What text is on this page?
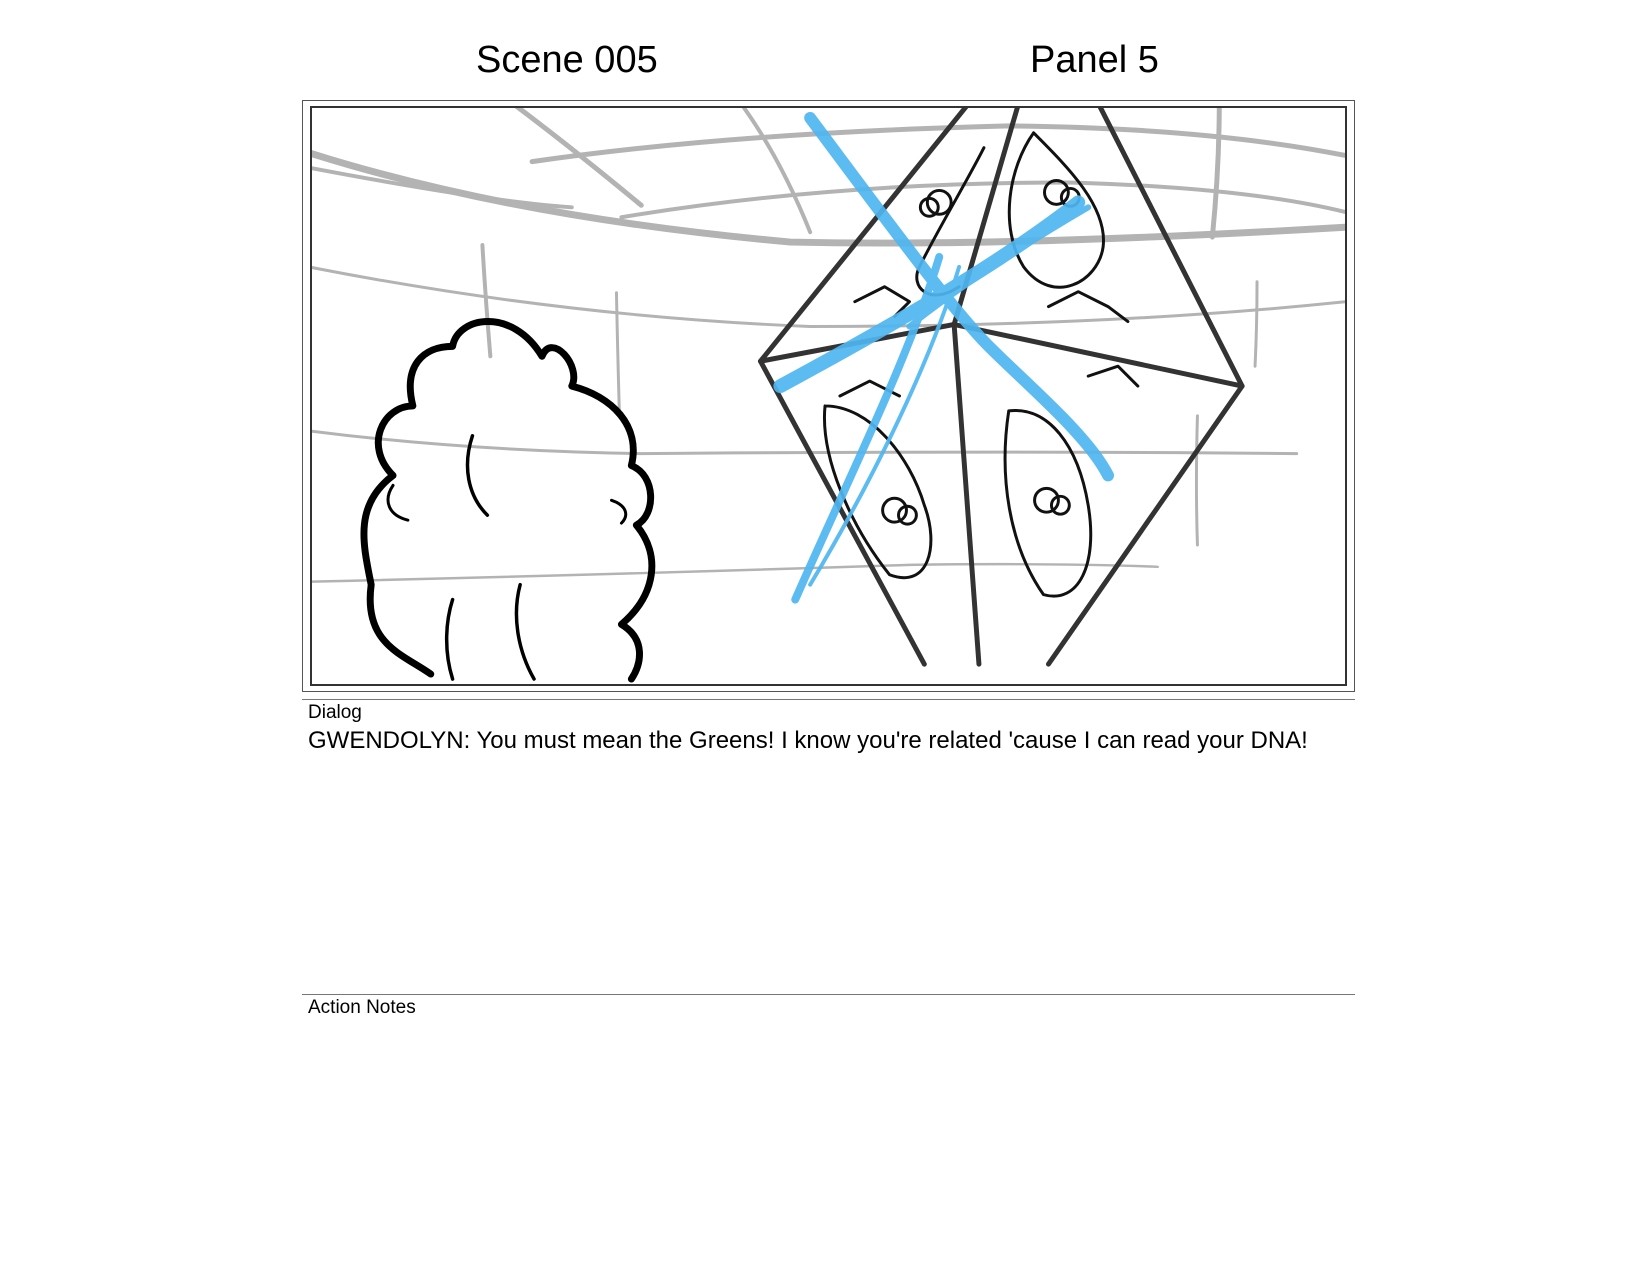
Scene 005	Panel 5
Dialog
GWENDOLYN: You must mean the Greens! I know you're related 'cause I can read your DNA!
Action Notes
